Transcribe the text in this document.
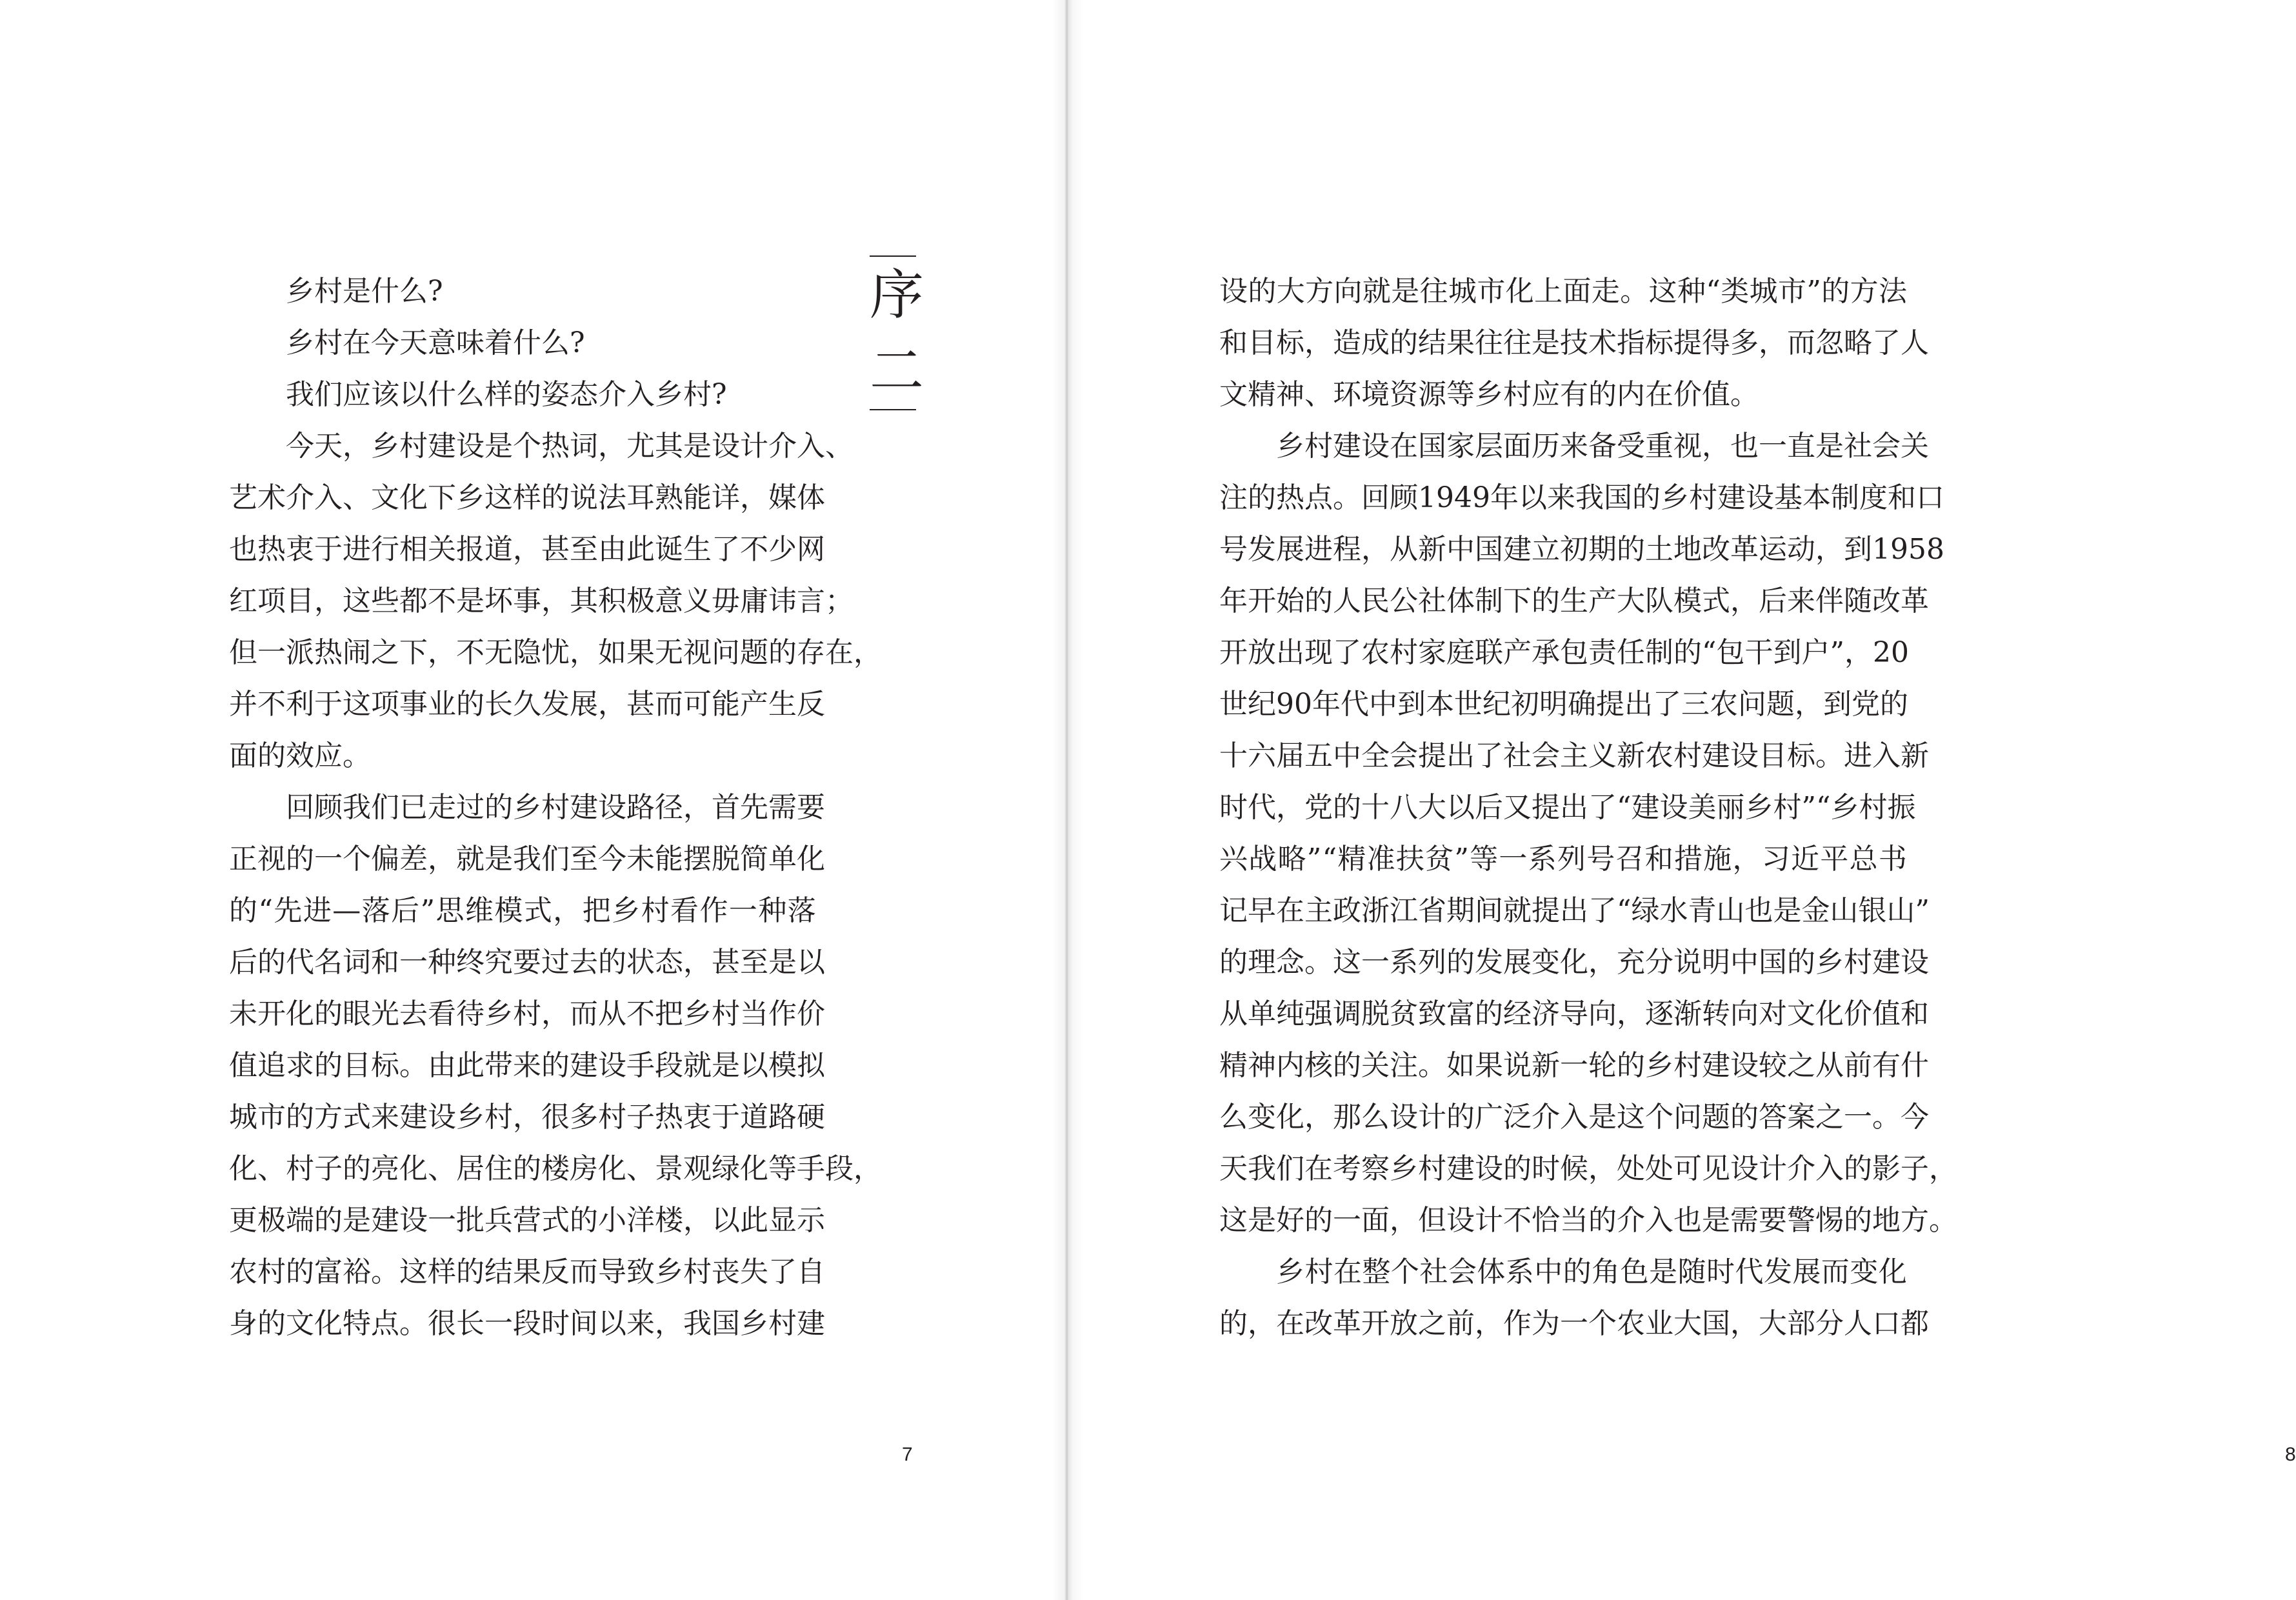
乡村是什么?
乡村在今天意味着什么?
我们应该以什么样的姿态介入乡村?
今 天 ， 乡 村 建 设 是 个 热 词 ， 尤 其 是 设 计 介 入 、
艺 术 介 入 、 文 化 下 乡 这 样 的 说 法 耳 熟 能 详 ， 媒 体
也 热 衷 于 进 行 相 关 报 道 ， 甚 至 由 此 诞 生 了 不 少 网
红 项 目 ， 这 些 都 不 是 坏 事 ， 其 积 极 意 义 毋 庸 讳 言 ；
但 一 派 热 闹 之 下 ， 不 无 隐 忧 ， 如 果 无 视 问 题 的 存 在 ，
并 不 利 于 这 项 事 业 的 长 久 发 展 ， 甚 而 可 能 产 生 反
面的效应。
回 顾 我 们 已 走 过 的 乡 村 建 设 路 径 ， 首 先 需 要
正 视 的 一 个 偏 差 ， 就 是 我 们 至 今 未 能 摆 脱 简 单 化
的 “ 先 进 — 落 后 ” 思 维 模 式 ， 把 乡 村 看 作 一 种 落
后 的 代 名 词 和 一 种 终 究 要 过 去 的 状 态 ， 甚 至 是 以
未 开 化 的 眼 光 去 看 待 乡 村 ， 而 从 不 把 乡 村 当 作 价
值 追 求 的 目 标 。 由 此 带 来 的 建 设 手 段 就 是 以 模 拟
城 市 的 方 式 来 建 设 乡 村 ， 很 多 村 子 热 衷 于 道 路 硬
化 、 村 子 的 亮 化 、 居 住 的 楼 房 化 、 景 观 绿 化 等 手 段 ，
更 极 端 的 是 建 设 一 批 兵 营 式 的 小 洋 楼 ， 以 此 显 示
农 村 的 富 裕 。 这 样 的 结 果 反 而 导 致 乡 村 丧 失 了 自
身 的 文 化 特 点 。 很 长 一 段 时 间 以 来 ， 我 国 乡 村 建
序
二
7	8
设 的 大 方 向 就 是 往 城 市 化 上 面 走 。 这 种 “ 类 城 市 ” 的 方 法
和 目 标 ， 造 成 的 结 果 往 往 是 技 术 指 标 提 得 多 ， 而 忽 略 了 人
文精神、环境资源等乡村应有的内在价值。
乡 村 建 设 在 国 家 层 面 历 来 备 受 重 视 ， 也 一 直 是 社 会 关
注 的 热 点 。 回 顾 1949 年 以 来 我 国 的 乡 村 建 设 基 本 制 度 和 口
号 发 展 进 程 ， 从 新 中 国 建 立 初 期 的 土 地 改 革 运 动 ， 到 1958
年 开 始 的 人 民 公 社 体 制 下 的 生 产 大 队 模 式 ， 后 来 伴 随 改 革
开 放 出 现 了 农 村 家 庭 联 产 承 包 责 任 制 的 “ 包 干 到 户 ” ， 20
世 纪 90 年 代 中 到 本 世 纪 初 明 确 提 出 了 三 农 问 题 ， 到 党 的
十 六 届 五 中 全 会 提 出 了 社 会 主 义 新 农 村 建 设 目 标 。 进 入 新
时 代 ， 党 的 十 八 大 以 后 又 提 出 了 “ 建 设 美 丽 乡 村 ” “ 乡 村 振
兴 战 略 ” “ 精 准 扶 贫 ” 等 一 系 列 号 召 和 措 施 ， 习 近 平 总 书
记 早 在 主 政 浙 江 省 期 间 就 提 出 了 “ 绿 水 青 山 也 是 金 山 银 山 ”
的 理 念 。 这 一 系 列 的 发 展 变 化 ， 充 分 说 明 中 国 的 乡 村 建 设
从 单 纯 强 调 脱 贫 致 富 的 经 济 导 向 ， 逐 渐 转 向 对 文 化 价 值 和
精 神 内 核 的 关 注 。 如 果 说 新 一 轮 的 乡 村 建 设 较 之 从 前 有 什
么 变 化 ， 那 么 设 计 的 广 泛 介 入 是 这 个 问 题 的 答 案 之 一 。 今
天 我 们 在 考 察 乡 村 建 设 的 时 候 ， 处 处 可 见 设 计 介 入 的 影 子 ，
这 是 好 的 一 面 ， 但 设 计 不 恰 当 的 介 入 也 是 需 要 警 惕 的 地 方 。
乡 村 在 整 个 社 会 体 系 中 的 角 色 是 随 时 代 发 展 而 变 化
的 ， 在 改 革 开 放 之 前 ， 作 为 一 个 农 业 大 国 ， 大 部 分 人 口 都
